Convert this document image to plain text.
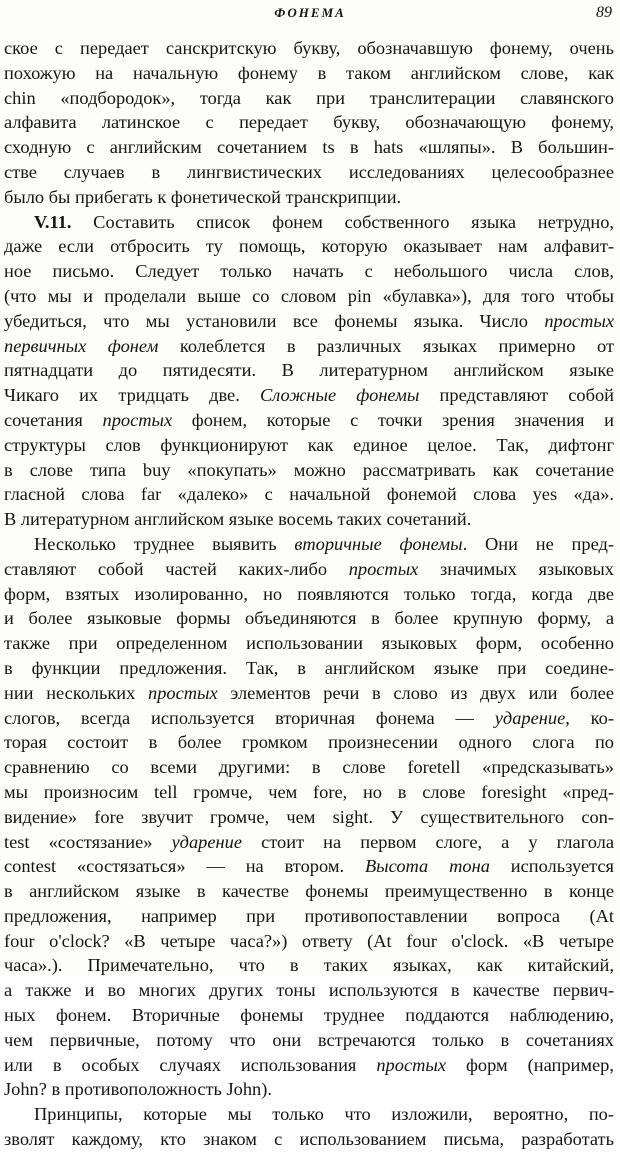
ФОНЕМА	89
ское c передает санскритскую букву, обозначавшую фонему, очень
похожую на начальную фонему в таком английском слове, как
chin «подбородок», тогда как при транслитерации славянского
алфавита латинское c передает букву, обозначающую фонему,
сходную с английским сочетанием ts в hats «шляпы». В большин-
стве случаев в лингвистических исследованиях целесообразнее
было бы прибегать к фонетической транскрипции.
V.11. Составить список фонем собственного языка нетрудно,
даже если отбросить ту помощь, которую оказывает нам алфавит-
ное письмо. Следует только начать с небольшого числа слов,
(что мы и проделали выше со словом pin «булавка»), для того чтобы
убедиться, что мы установили все фонемы языка. Число простых
первичных фонем колеблется в различных языках примерно от
пятнадцати до пятидесяти. В литературном английском языке
Чикаго их тридцать две. Сложные фонемы представляют собой
сочетания простых фонем, которые с точки зрения значения и
структуры слов функционируют как единое целое. Так, дифтонг
в слове типа buy «покупать» можно рассматривать как сочетание
гласной слова far «далеко» с начальной фонемой слова yes «да».
В литературном английском языке восемь таких сочетаний.
Несколько труднее выявить вторичные фонемы. Они не пред-
ставляют собой частей каких-либо простых значимых языковых
форм, взятых изолированно, но появляются только тогда, когда две
и более языковые формы объединяются в более крупную форму, а
также при определенном использовании языковых форм, особенно
в функции предложения. Так, в английском языке при соедине-
нии нескольких простых элементов речи в слово из двух или более
слогов, всегда используется вторичная фонема — ударение, ко-
торая состоит в более громком произнесении одного слога по
сравнению со всеми другими: в слове foretell «предсказывать»
мы произносим tell громче, чем fore, но в слове foresight «пред-
видение» fore звучит громче, чем sight. У существительного con-
test «состязание» ударение стоит на первом слоге, а у глагола
contest «состязаться» — на втором. Высота тона используется
в английском языке в качестве фонемы преимущественно в конце
предложения, например при противопоставлении вопроса (At
four o'clock? «В четыре часа?») ответу (At four o'clock. «В четыре
часа».). Примечательно, что в таких языках, как китайский,
а также и во многих других тоны используются в качестве первич-
ных фонем. Вторичные фонемы труднее поддаются наблюдению,
чем первичные, потому что они встречаются только в сочетаниях
или в особых случаях использования простых форм (например,
John? в противоположность John).
Принципы, которые мы только что изложили, вероятно, по-
зволят каждому, кто знаком с использованием письма, разработать
